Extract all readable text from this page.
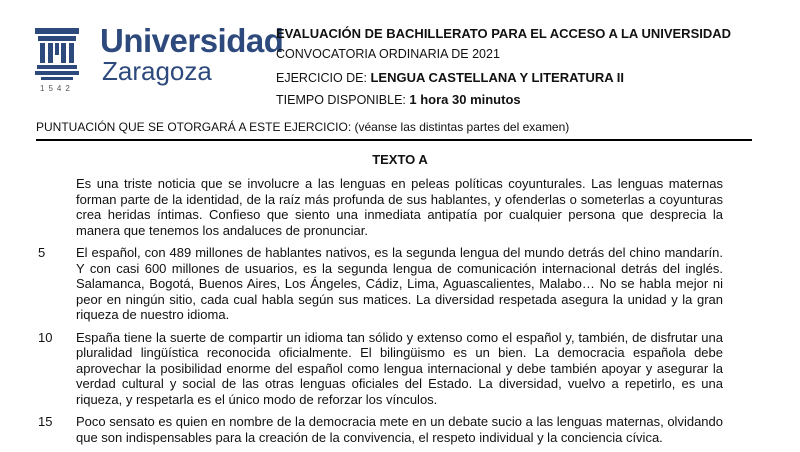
1542
Universidad
Zaragoza
EVALUACIÓN DE BACHILLERATO PARA EL ACCESO A LA UNIVERSIDAD
CONVOCATORIA ORDINARIA DE 2021
EJERCICIO DE: LENGUA CASTELLANA Y LITERATURA II
TIEMPO DISPONIBLE: 1 hora 30 minutos
PUNTUACIÓN QUE SE OTORGARÁ A ESTE EJERCICIO: (véanse las distintas partes del examen)
TEXTO A
Es una triste noticia que se involucre a las lenguas en peleas políticas coyunturales. Las lenguas maternas forman parte de la identidad, de la raíz más profunda de sus hablantes, y ofenderlas o someterlas a coyunturas crea heridas íntimas. Confieso que siento una inmediata antipatía por cualquier persona que desprecia la manera que tenemos los andaluces de pronunciar.
5	El español, con 489 millones de hablantes nativos, es la segunda lengua del mundo detrás del chino mandarín. Y con casi 600 millones de usuarios, es la segunda lengua de comunicación internacional detrás del inglés. Salamanca, Bogotá, Buenos Aires, Los Ángeles, Cádiz, Lima, Aguascalientes, Malabo… No se habla mejor ni peor en ningún sitio, cada cual habla según sus matices. La diversidad respetada asegura la unidad y la gran riqueza de nuestro idioma.
10	España tiene la suerte de compartir un idioma tan sólido y extenso como el español y, también, de disfrutar una pluralidad lingüística reconocida oficialmente. El bilingüismo es un bien. La democracia española debe aprovechar la posibilidad enorme del español como lengua internacional y debe también apoyar y asegurar la verdad cultural y social de las otras lenguas oficiales del Estado. La diversidad, vuelvo a repetirlo, es una riqueza, y respetarla es el único modo de reforzar los vínculos.
15	Poco sensato es quien en nombre de la democracia mete en un debate sucio a las lenguas maternas, olvidando que son indispensables para la creación de la convivencia, el respeto individual y la conciencia cívica.
